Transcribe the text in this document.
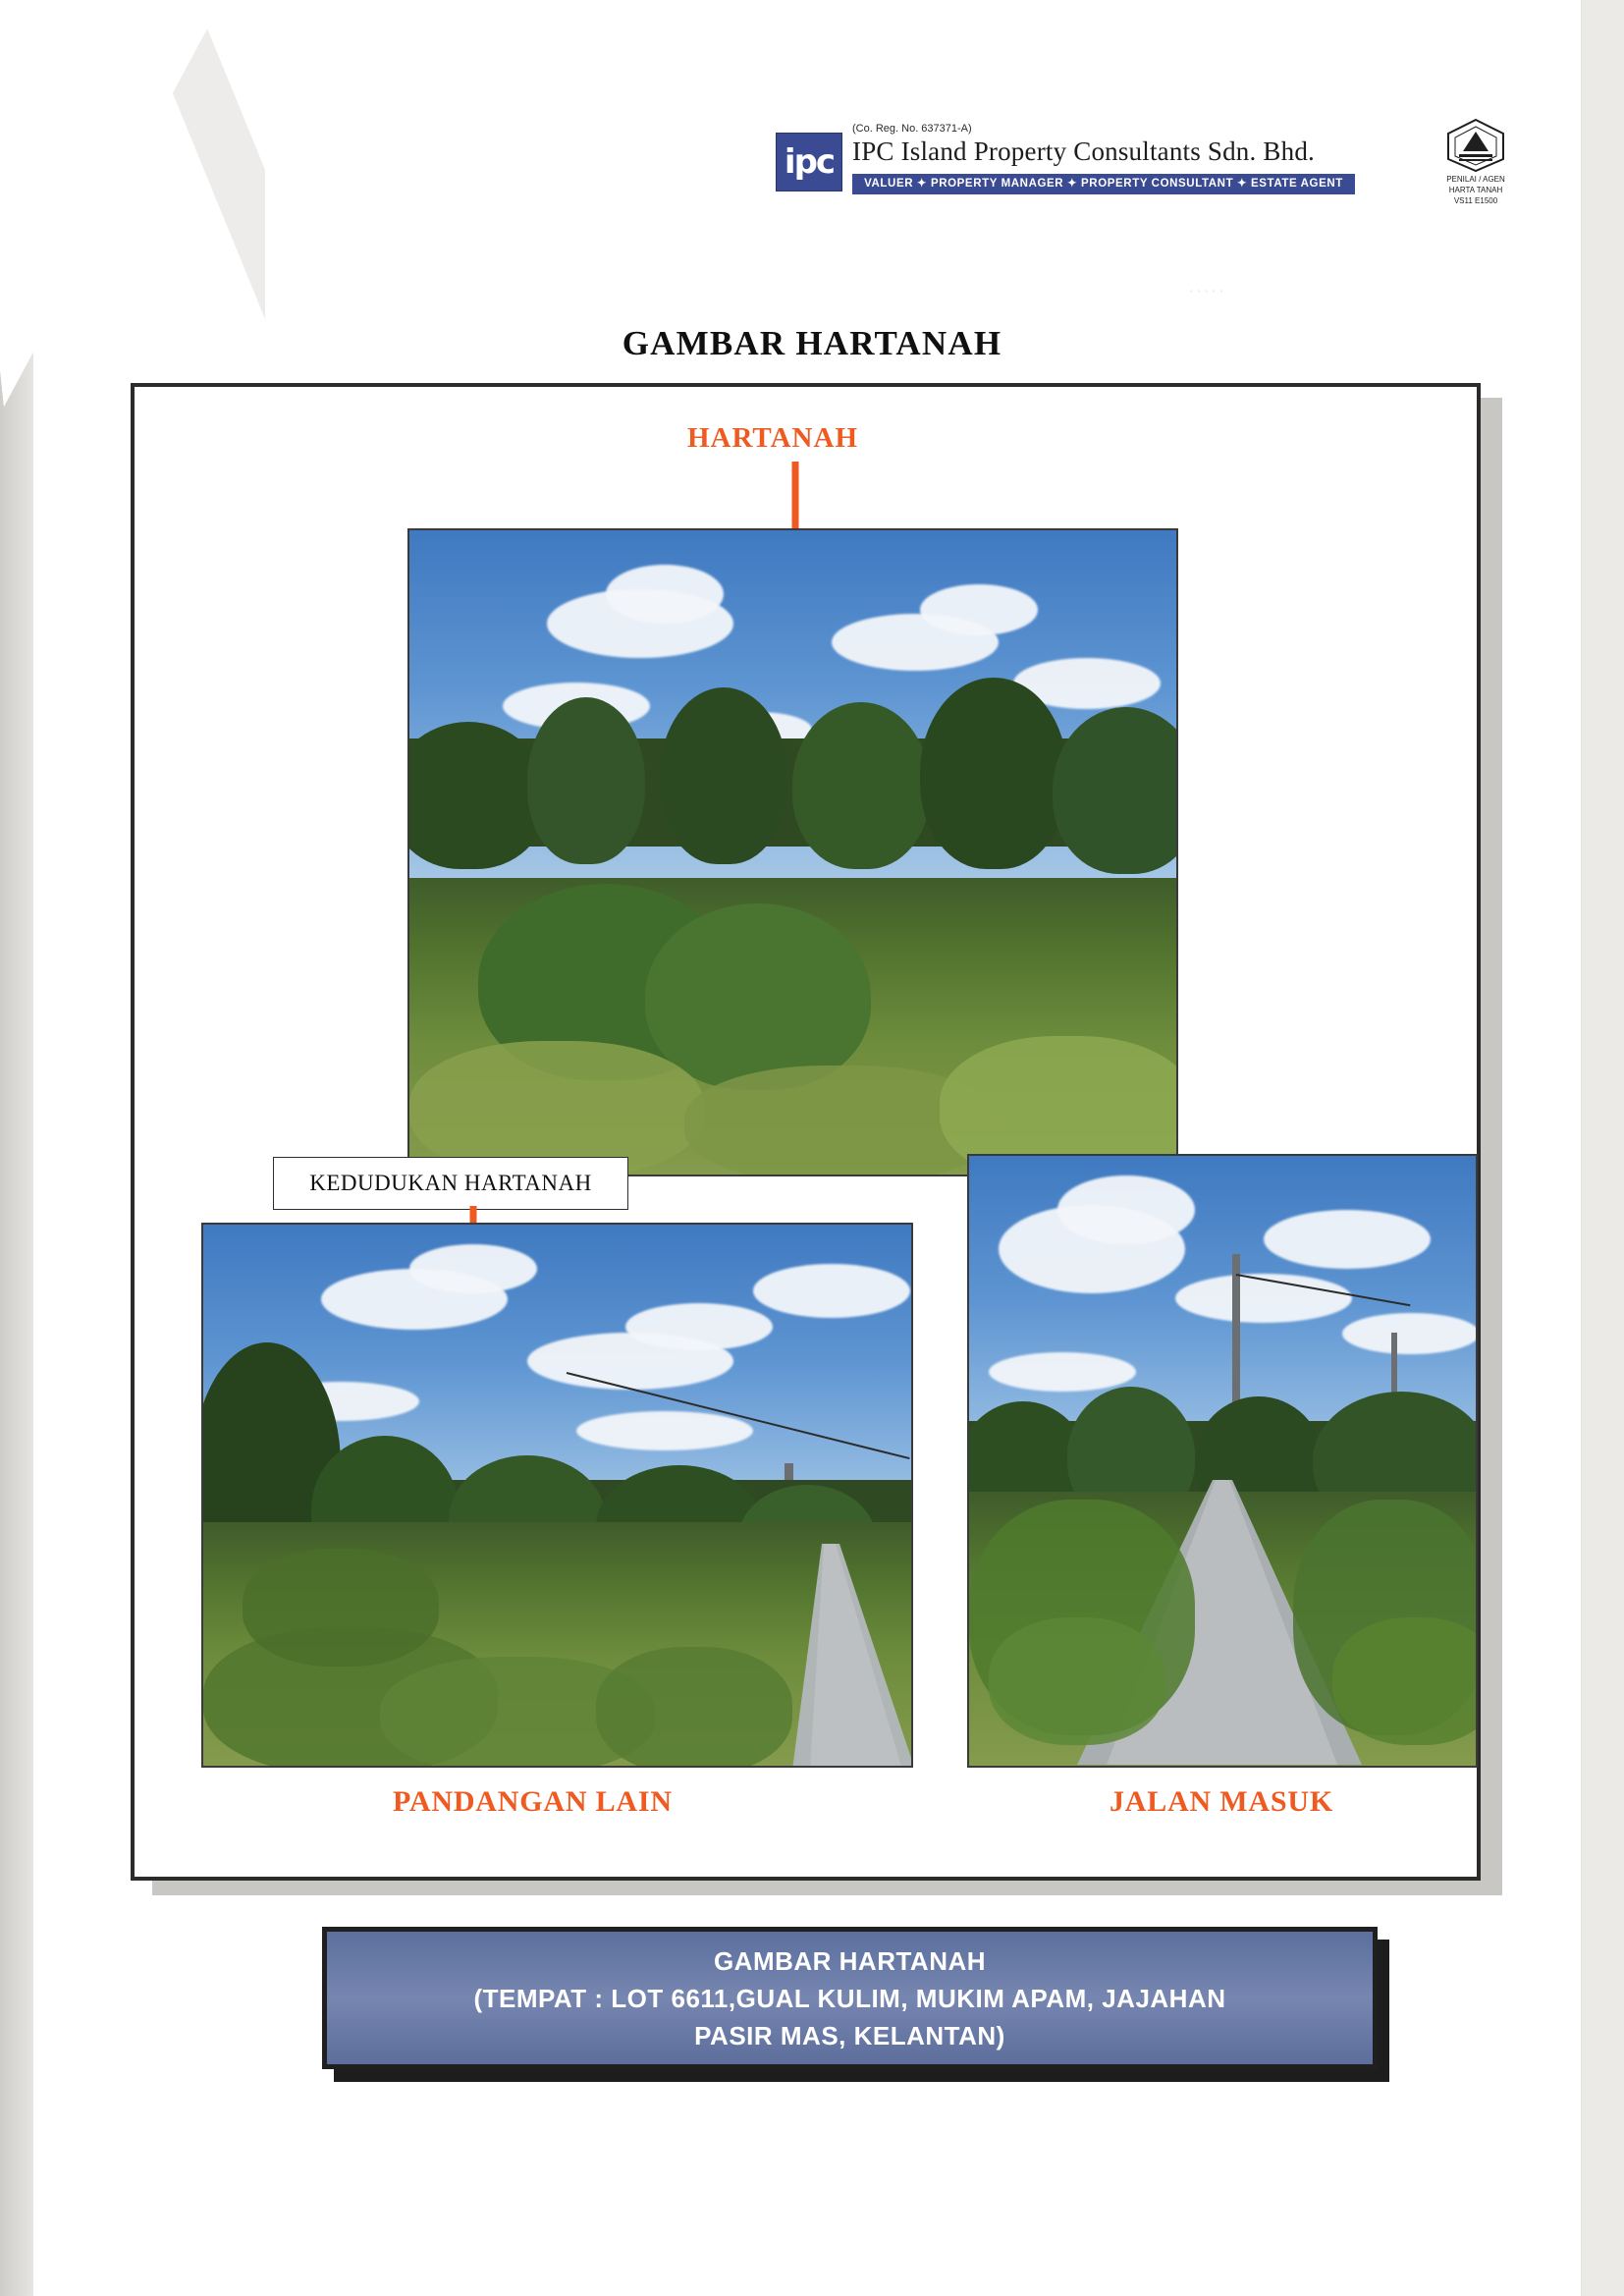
·····
ipc
(Co. Reg. No. 637371-A)
IPC Island Property Consultants Sdn. Bhd.
VALUER ✦ PROPERTY MANAGER ✦ PROPERTY CONSULTANT ✦ ESTATE AGENT	PENILAI / AGEN
HARTA TANAH
VS11 E1500
GAMBAR HARTANAH
HARTANAH
KEDUDUKAN HARTANAH
PANDANGAN LAIN	JALAN MASUK
GAMBAR HARTANAH
(TEMPAT : LOT 6611,GUAL KULIM, MUKIM APAM, JAJAHAN
PASIR MAS, KELANTAN)
